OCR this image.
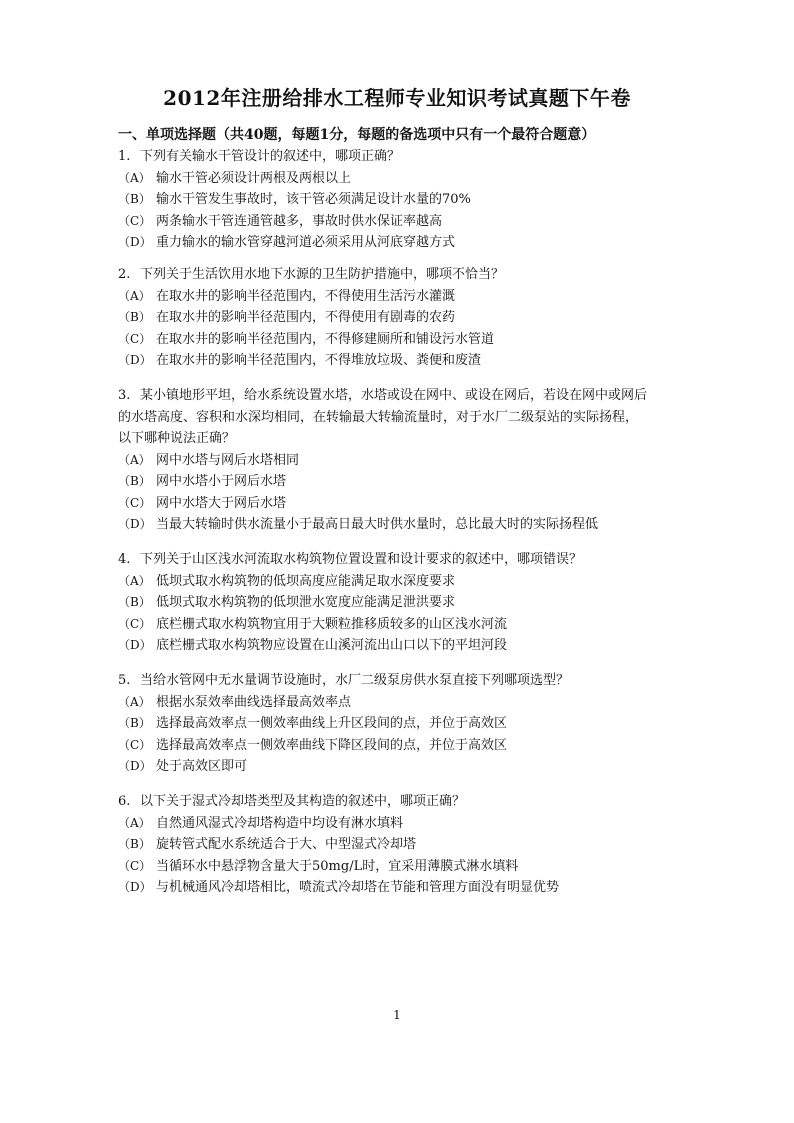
2012年注册给排水工程师专业知识考试真题下午卷
一、单项选择题（共40题，每题1分，每题的备选项中只有一个最符合题意）
1. 下列有关输水干管设计的叙述中，哪项正确？
（A） 输水干管必须设计两根及两根以上
（B） 输水干管发生事故时，该干管必须满足设计水量的70%
（C） 两条输水干管连通管越多，事故时供水保证率越高
（D） 重力输水的输水管穿越河道必须采用从河底穿越方式
2. 下列关于生活饮用水地下水源的卫生防护措施中，哪项不恰当？
（A） 在取水井的影响半径范围内，不得使用生活污水灌溉
（B） 在取水井的影响半径范围内，不得使用有剧毒的农药
（C） 在取水井的影响半径范围内，不得修建厕所和铺设污水管道
（D） 在取水井的影响半径范围内，不得堆放垃圾、粪便和废渣
3. 某小镇地形平坦，给水系统设置水塔，水塔或设在网中、或设在网后，若设在网中或网后
的水塔高度、容积和水深均相同，在转输最大转输流量时，对于水厂二级泵站的实际扬程，
以下哪种说法正确？
（A） 网中水塔与网后水塔相同
（B） 网中水塔小于网后水塔
（C） 网中水塔大于网后水塔
（D） 当最大转输时供水流量小于最高日最大时供水量时，总比最大时的实际扬程低
4. 下列关于山区浅水河流取水构筑物位置设置和设计要求的叙述中，哪项错误？
（A） 低坝式取水构筑物的低坝高度应能满足取水深度要求
（B） 低坝式取水构筑物的低坝泄水宽度应能满足泄洪要求
（C） 底栏栅式取水构筑物宜用于大颗粒推移质较多的山区浅水河流
（D） 底栏栅式取水构筑物应设置在山溪河流出山口以下的平坦河段
5. 当给水管网中无水量调节设施时，水厂二级泵房供水泵直接下列哪项选型？
（A） 根据水泵效率曲线选择最高效率点
（B） 选择最高效率点一侧效率曲线上升区段间的点，并位于高效区
（C） 选择最高效率点一侧效率曲线下降区段间的点，并位于高效区
（D） 处于高效区即可
6. 以下关于湿式冷却塔类型及其构造的叙述中，哪项正确？
（A） 自然通风湿式冷却塔构造中均设有淋水填料
（B） 旋转管式配水系统适合于大、中型湿式冷却塔
（C） 当循环水中悬浮物含量大于50mg/L时，宜采用薄膜式淋水填料
（D） 与机械通风冷却塔相比，喷流式冷却塔在节能和管理方面没有明显优势
1
